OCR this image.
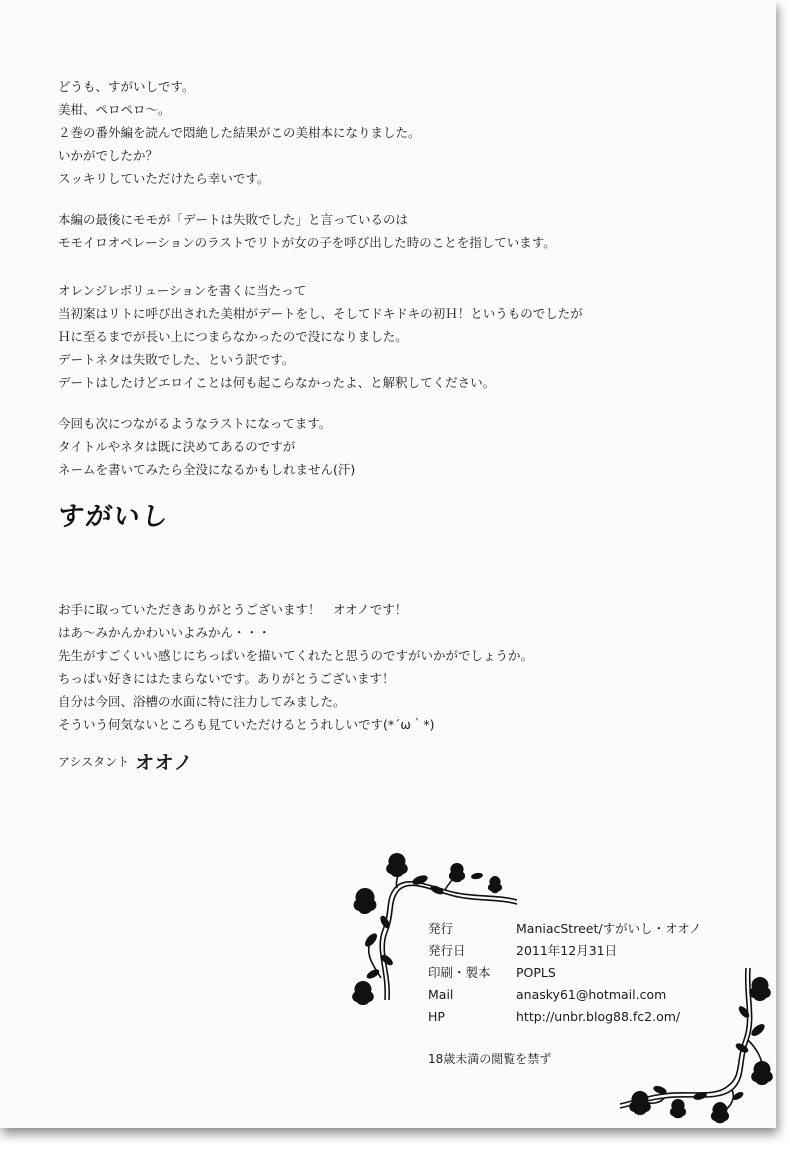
どうも、すがいしです。
美柑、ペロペロ～。
２巻の番外編を読んで悶絶した結果がこの美柑本になりました。
いかがでしたか？
スッキリしていただけたら幸いです。
本編の最後にモモが「デートは失敗でした」と言っているのは
モモイロオペレーションのラストでリトが女の子を呼び出した時のことを指しています。
オレンジレボリューションを書くに当たって
当初案はリトに呼び出された美柑がデートをし、そしてドキドキの初Ｈ！というものでしたが
Ｈに至るまでが長い上につまらなかったので没になりました。
デートネタは失敗でした、という訳です。
デートはしたけどエロイことは何も起こらなかったよ、と解釈してください。
今回も次につながるようなラストになってます。
タイトルやネタは既に決めてあるのですが
ネームを書いてみたら全没になるかもしれません(汗)
すがいし
お手に取っていただきありがとうございます！　オオノです！
はあ～みかんかわいいよみかん・・・
先生がすごくいい感じにちっぱいを描いてくれたと思うのですがいかがでしょうか。
ちっぱい好きにはたまらないです。ありがとうございます！
自分は今回、浴槽の水面に特に注力してみました。
そういう何気ないところも見ていただけるとうれしいです(*´ω｀*)
アシスタント オオノ
発行	ManiacStreet/すがいし・オオノ
発行日	2011年12月31日
印刷・製本	POPLS
Mail	anasky61@hotmail.com
HP	http://unbr.blog88.fc2.om/
18歳未満の閲覧を禁ず
